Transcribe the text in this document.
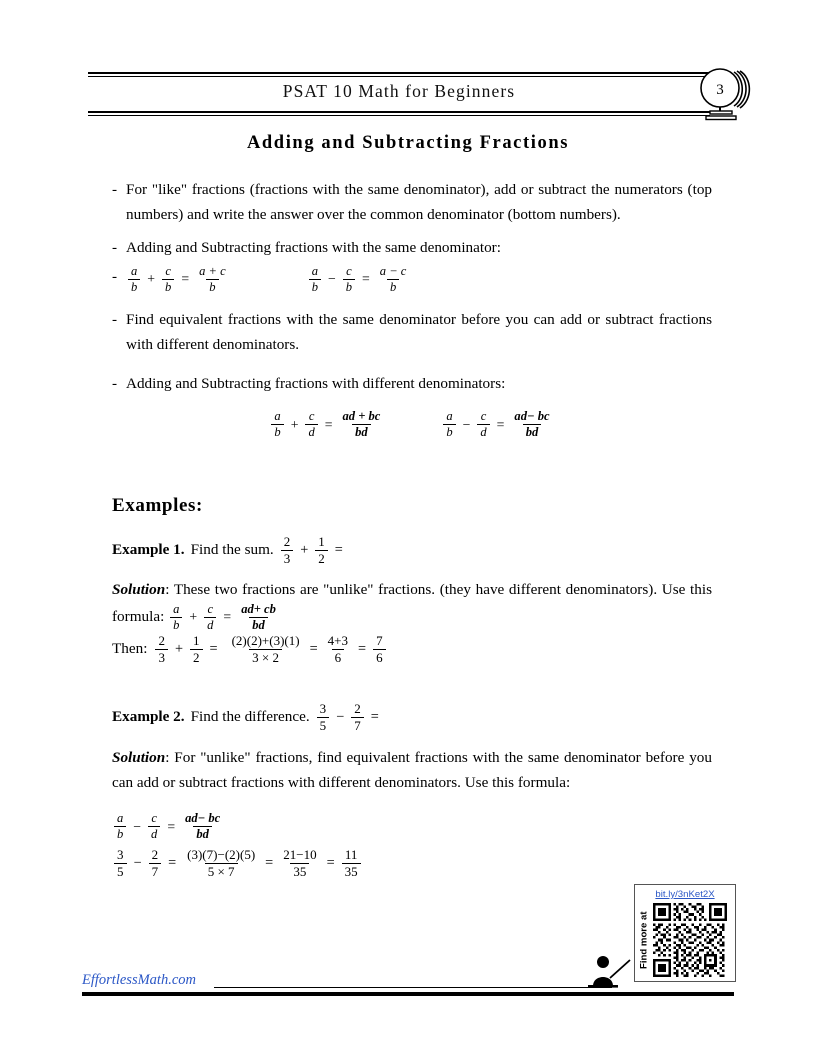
PSAT 10 Math for Beginners	3
Adding and Subtracting Fractions
- For "like" fractions (fractions with the same denominator), add or subtract the numerators (top numbers) and write the answer over the common denominator (bottom numbers).
- Adding and Subtracting fractions with the same denominator:
- $\frac{a}{b} + \frac{c}{b} = \frac{a + c}{b}$	$\frac{a}{b} - \frac{c}{b} = \frac{a - c}{b}$
- Find equivalent fractions with the same denominator before you can add or subtract fractions with different denominators.
- Adding and Subtracting fractions with different denominators:
$\frac{a}{b} + \frac{c}{d} = \frac{ad + bc}{bd}$	$\frac{a}{b} - \frac{c}{d} = \frac{ad- bc}{bd}$
Examples:
Example 1. Find the sum. $\frac{2}{3} + \frac{1}{2}$ =
Solution: These two fractions are "unlike" fractions. (they have different denominators). Use this formula: $\frac{a}{b} + \frac{c}{d} = \frac{ad+ cb}{bd}$
Then: $\frac{2}{3} + \frac{1}{2} = \frac{(2)(2)+(3)(1)}{3 \times 2} = \frac{4+3}{6} = \frac{7}{6}$
Example 2. Find the difference. $\frac{3}{5} - \frac{2}{7}$ =
Solution: For "unlike" fractions, find equivalent fractions with the same denominator before you can add or subtract fractions with different denominators. Use this formula:
$\frac{a}{b} - \frac{c}{d} = \frac{ad- bc}{bd}$
$\frac{3}{5} - \frac{2}{7} = \frac{(3)(7)-(2)(5)}{5 \times 7} = \frac{21-10}{35} = \frac{11}{35}$
bit.ly/3nKet2X
Find more at
EffortlessMath.com
